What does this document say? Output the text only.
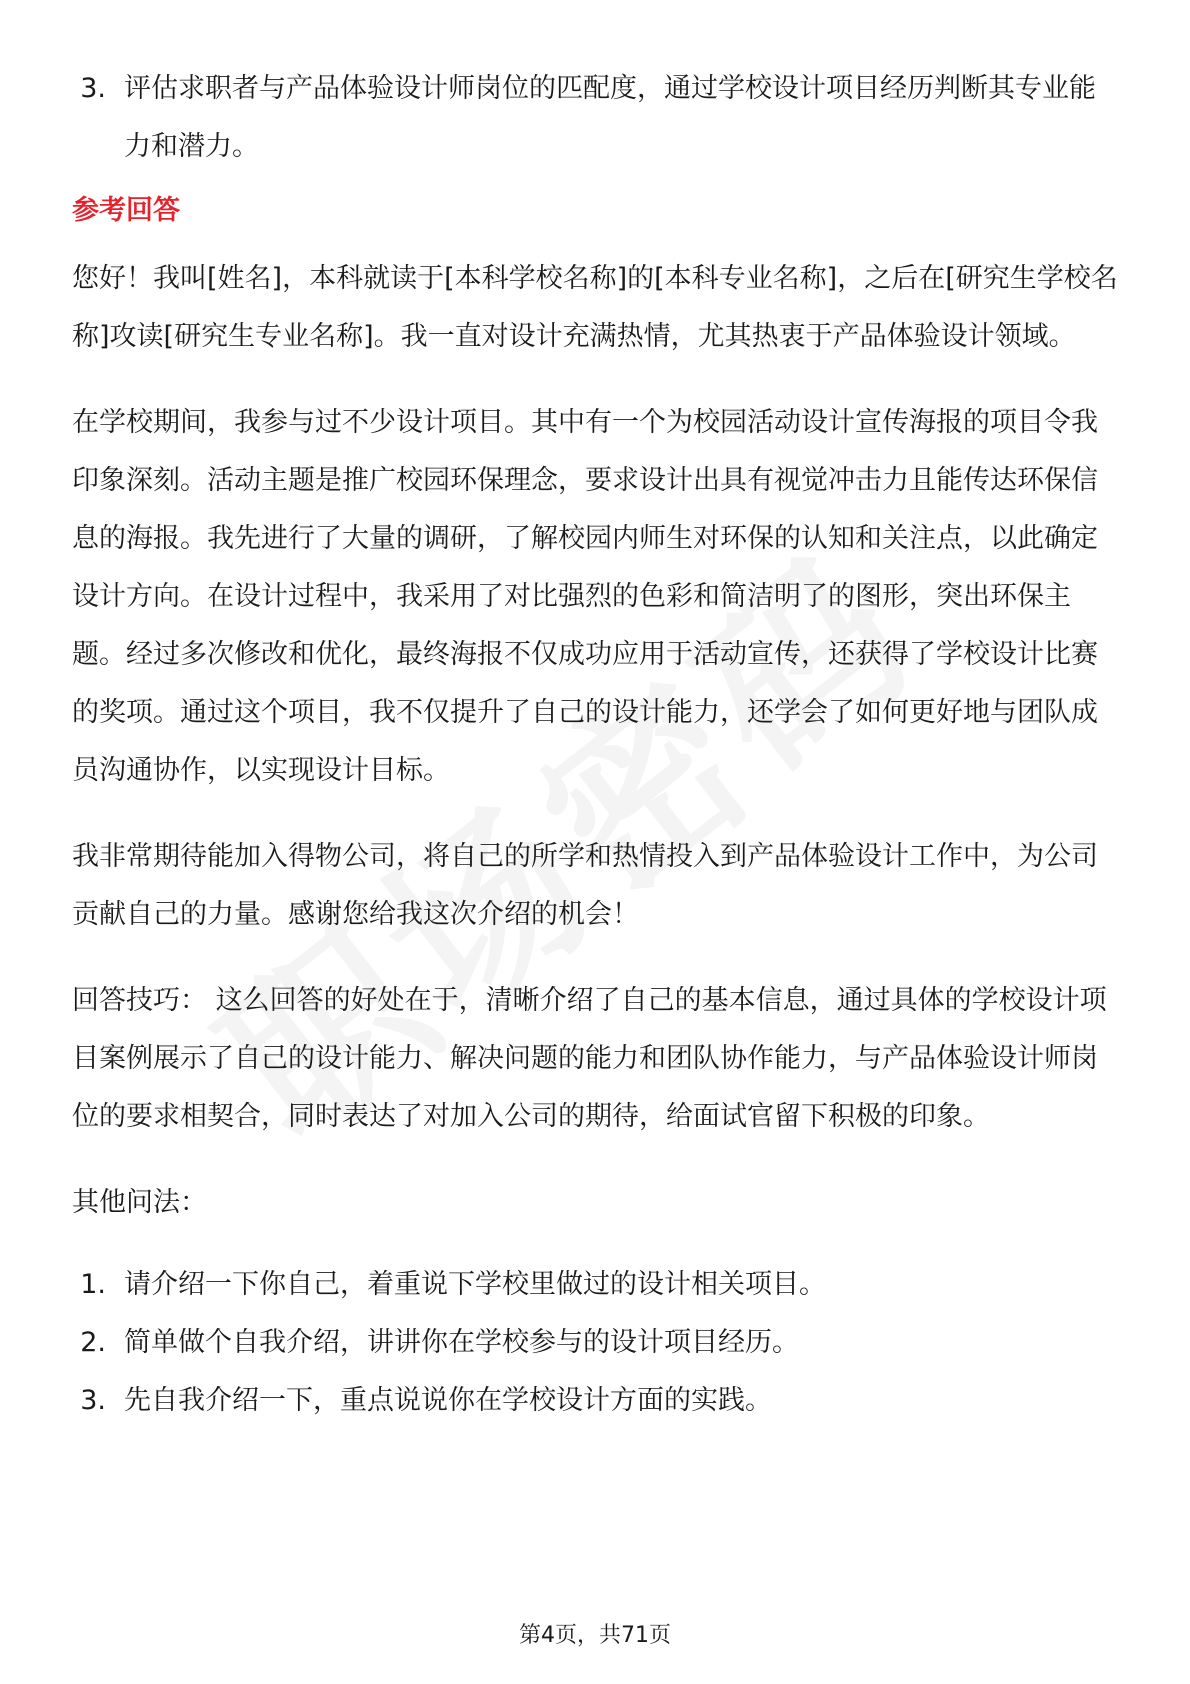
3. 评估求职者与产品体验设计师岗位的匹配度，通过学校设计项目经历判断其专业能力和潜力。
参考回答

您好！我叫[姓名]，本科就读于[本科学校名称]的[本科专业名称]，之后在[研究生学校名称]攻读[研究生专业名称]。我一直对设计充满热情，尤其热衷于产品体验设计领域。

在学校期间，我参与过不少设计项目。其中有一个为校园活动设计宣传海报的项目令我印象深刻。活动主题是推广校园环保理念，要求设计出具有视觉冲击力且能传达环保信息的海报。我先进行了大量的调研，了解校园内师生对环保的认知和关注点，以此确定设计方向。在设计过程中，我采用了对比强烈的色彩和简洁明了的图形，突出环保主题。经过多次修改和优化，最终海报不仅成功应用于活动宣传，还获得了学校设计比赛的奖项。通过这个项目，我不仅提升了自己的设计能力，还学会了如何更好地与团队成员沟通协作，以实现设计目标。

我非常期待能加入得物公司，将自己的所学和热情投入到产品体验设计工作中，为公司贡献自己的力量。感谢您给我这次介绍的机会！

回答技巧： 这么回答的好处在于，清晰介绍了自己的基本信息，通过具体的学校设计项目案例展示了自己的设计能力、解决问题的能力和团队协作能力，与产品体验设计师岗位的要求相契合，同时表达了对加入公司的期待，给面试官留下积极的印象。

其他问法：

1. 请介绍一下你自己，着重说下学校里做过的设计相关项目。
2. 简单做个自我介绍，讲讲你在学校参与的设计项目经历。
3. 先自我介绍一下，重点说说你在学校设计方面的实践。
第4页，共71页
